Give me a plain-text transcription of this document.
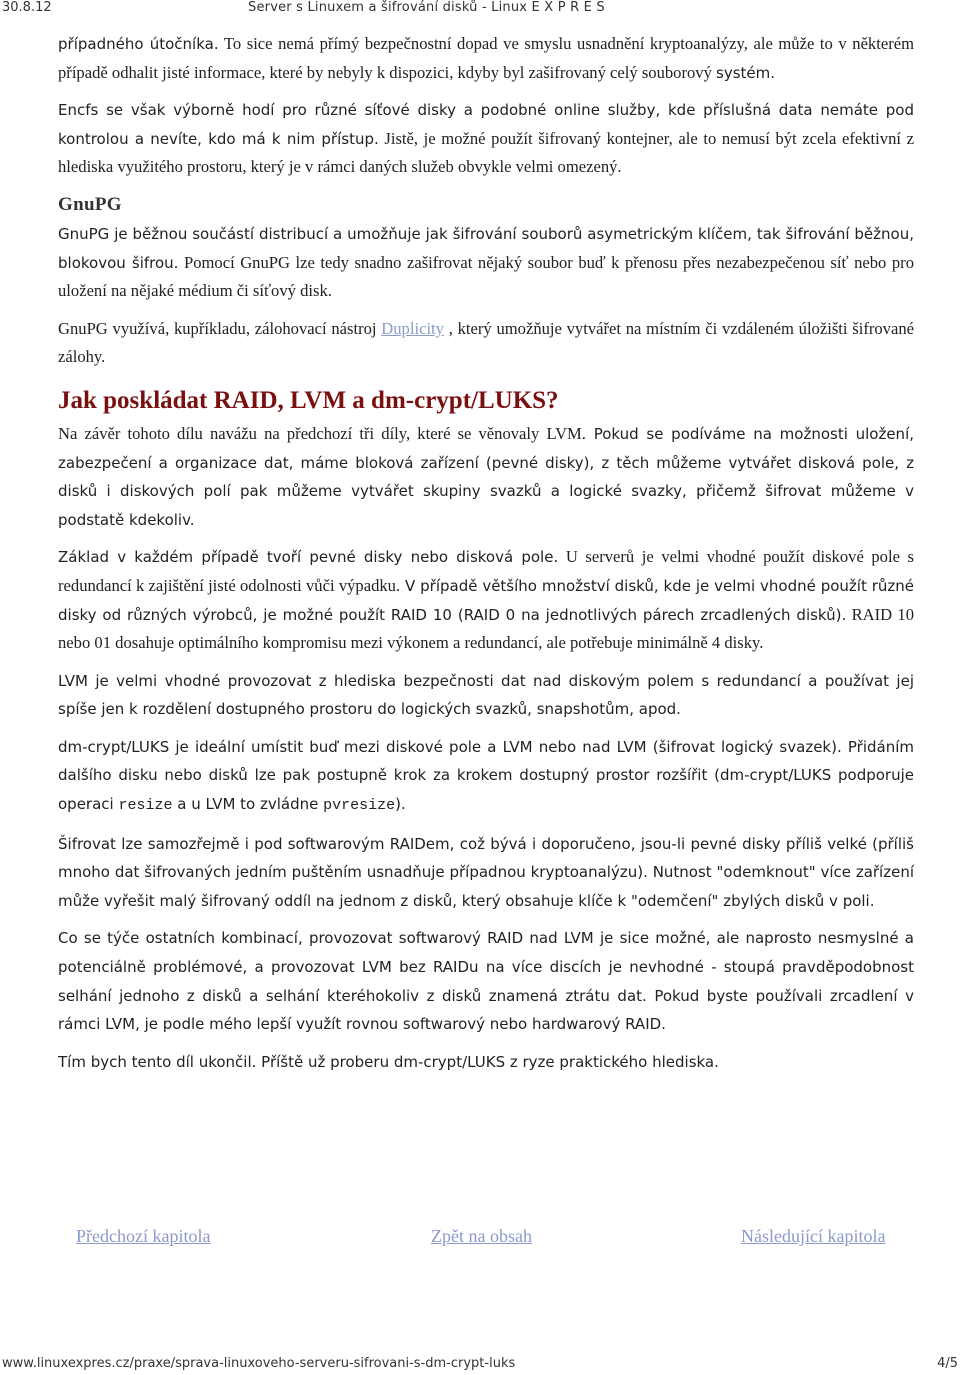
30.8.12	Server s Linuxem a šifrování disků - Linux E X P R E S

případného útočníka. To sice nemá přímý bezpečnostní dopad ve smyslu usnadnění kryptoanalýzy, ale může to v některém případě odhalit jisté informace, které by nebyly k dispozici, kdyby byl zašifrovaný celý souborový systém.

Encfs se však výborně hodí pro různé síťové disky a podobné online služby, kde příslušná data nemáte pod kontrolou a nevíte, kdo má k nim přístup. Jistě, je možné použít šifrovaný kontejner, ale to nemusí být zcela efektivní z hlediska využitého prostoru, který je v rámci daných služeb obvykle velmi omezený.

GnuPG

GnuPG je běžnou součástí distribucí a umožňuje jak šifrování souborů asymetrickým klíčem, tak šifrování běžnou, blokovou šifrou. Pomocí GnuPG lze tedy snadno zašifrovat nějaký soubor buď k přenosu přes nezabezpečenou síť nebo pro uložení na nějaké médium či síťový disk.

GnuPG využívá, kupříkladu, zálohovací nástroj Duplicity , který umožňuje vytvářet na místním či vzdáleném úložišti šifrované zálohy.

Jak poskládat RAID, LVM a dm-crypt/LUKS?

Na závěr tohoto dílu navážu na předchozí tři díly, které se věnovaly LVM. Pokud se podíváme na možnosti uložení, zabezpečení a organizace dat, máme bloková zařízení (pevné disky), z těch můžeme vytvářet disková pole, z disků i diskových polí pak můžeme vytvářet skupiny svazků a logické svazky, přičemž šifrovat můžeme v podstatě kdekoliv.

Základ v každém případě tvoří pevné disky nebo disková pole. U serverů je velmi vhodné použít diskové pole s redundancí k zajištění jisté odolnosti vůči výpadku. V případě většího množství disků, kde je velmi vhodné použít různé disky od různých výrobců, je možné použít RAID 10 (RAID 0 na jednotlivých párech zrcadlených disků). RAID 10 nebo 01 dosahuje optimálního kompromisu mezi výkonem a redundancí, ale potřebuje minimálně 4 disky.

LVM je velmi vhodné provozovat z hlediska bezpečnosti dat nad diskovým polem s redundancí a používat jej spíše jen k rozdělení dostupného prostoru do logických svazků, snapshotům, apod.

dm-crypt/LUKS je ideální umístit buď mezi diskové pole a LVM nebo nad LVM (šifrovat logický svazek). Přidáním dalšího disku nebo disků lze pak postupně krok za krokem dostupný prostor rozšířit (dm-crypt/LUKS podporuje operaci resize a u LVM to zvládne pvresize).

Šifrovat lze samozřejmě i pod softwarovým RAIDem, což bývá i doporučeno, jsou-li pevné disky příliš velké (příliš mnoho dat šifrovaných jedním puštěním usnadňuje případnou kryptoanalýzu). Nutnost "odemknout" více zařízení může vyřešit malý šifrovaný oddíl na jednom z disků, který obsahuje klíče k "odemčení" zbylých disků v poli.

Co se týče ostatních kombinací, provozovat softwarový RAID nad LVM je sice možné, ale naprosto nesmyslné a potenciálně problémové, a provozovat LVM bez RAIDu na více discích je nevhodné - stoupá pravděpodobnost selhání jednoho z disků a selhání kteréhokoliv z disků znamená ztrátu dat. Pokud byste používali zrcadlení v rámci LVM, je podle mého lepší využít rovnou softwarový nebo hardwarový RAID.

Tím bych tento díl ukončil. Příště už proberu dm-crypt/LUKS z ryze praktického hlediska.

Předchozí kapitola	Zpět na obsah	Následující kapitola
www.linuxexpres.cz/praxe/sprava-linuxoveho-serveru-sifrovani-s-dm-crypt-luks	4/5
